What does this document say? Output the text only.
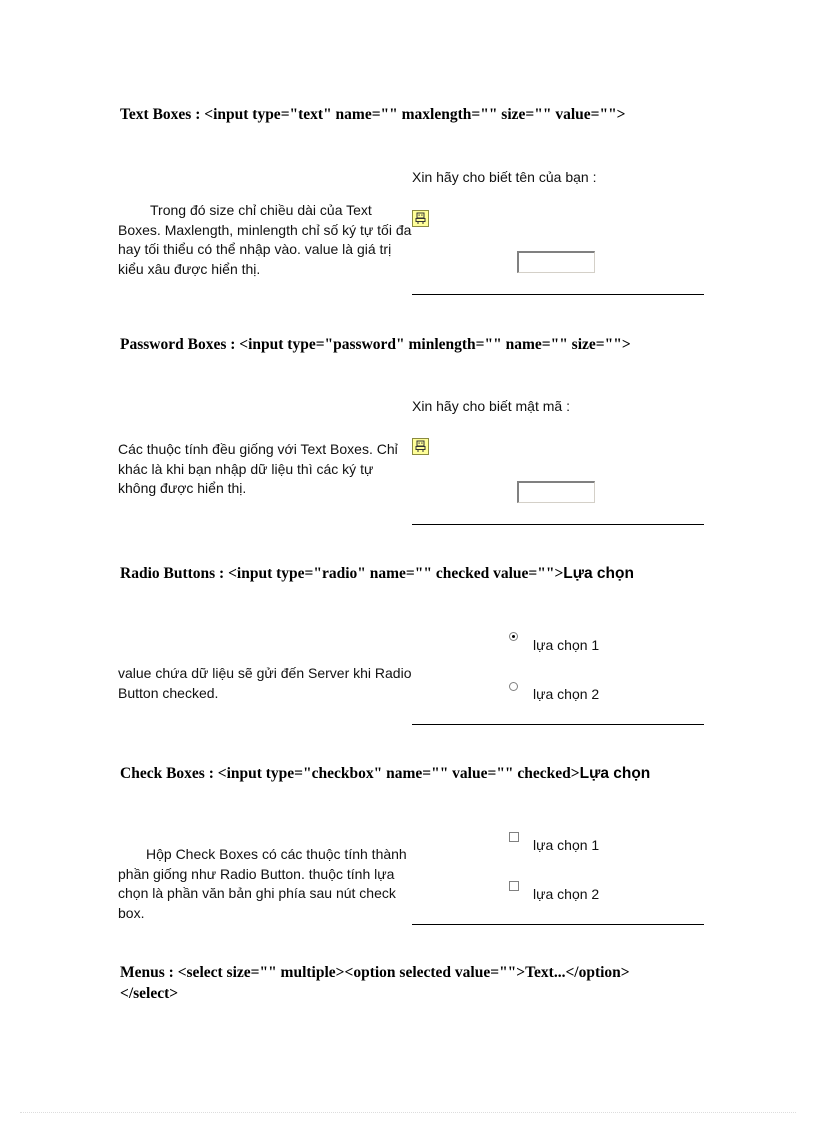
Text Boxes : <input type="text" name="" maxlength="" size="" value="">
Xin hãy cho biết tên của bạn :
Trong đó size chỉ chiều dài của Text Boxes. Maxlength, minlength chỉ số ký tự tối đa hay tối thiểu có thể nhập vào. value là giá trị kiểu xâu được hiển thị.
Password Boxes : <input type="password" minlength="" name="" size="">
Xin hãy cho biết mật mã :
Các thuộc tính đều giống với Text Boxes. Chỉ khác là khi bạn nhập dữ liệu thì các ký tự không được hiển thị.
Radio Buttons : <input type="radio" name="" checked value="">Lựa chọn
lựa chọn 1
value chứa dữ liệu sẽ gửi đến Server khi Radio Button checked.	lựa chọn 2
Check Boxes : <input type="checkbox" name="" value="" checked>Lựa chọn
lựa chọn 1
Hộp Check Boxes có các thuộc tính thành phần giống như Radio Button. thuộc tính lựa chọn là phần văn bản ghi phía sau nút check box.
lựa chọn 2
Menus : <select size="" multiple><option selected value="">Text...</option> </select>
